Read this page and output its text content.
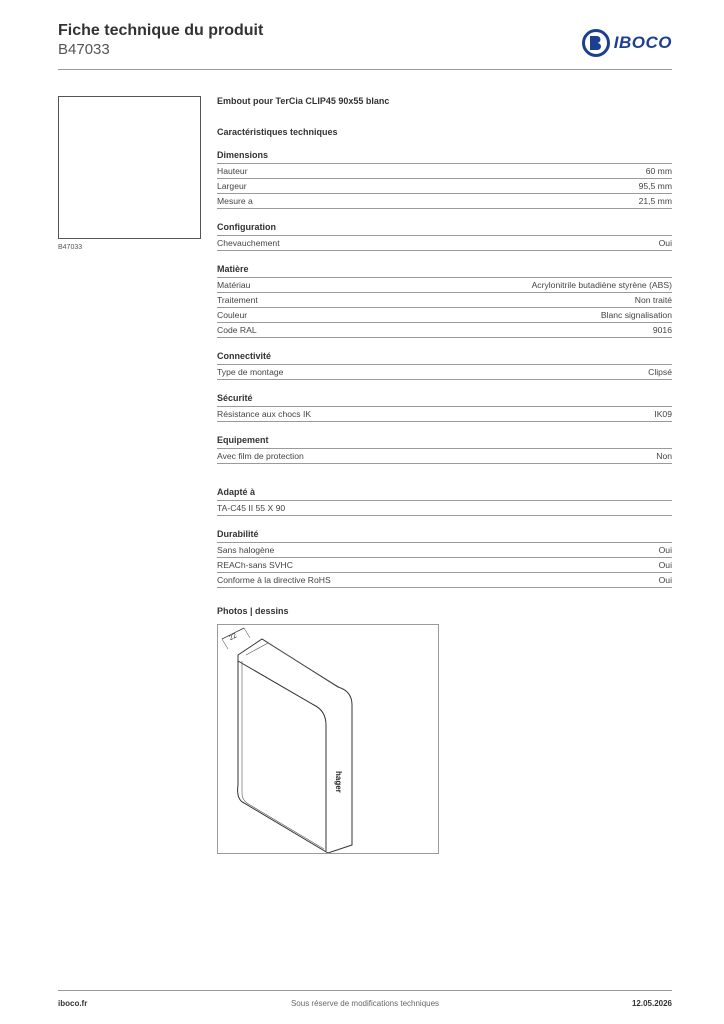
Fiche technique du produit
B47033	IBOCO
B47033
Embout pour TerCia CLIP45 90x55 blanc
Caractéristiques techniques
Dimensions
Hauteur	60 mm
Largeur	95,5 mm
Mesure a	21,5 mm
Configuration
Chevauchement	Oui
Matière
Matériau	Acrylonitrile butadiène styrène (ABS)
Traitement	Non traité
Couleur	Blanc signalisation
Code RAL	9016
Connectivité
Type de montage	Clipsé
Sécurité
Résistance aux chocs IK	IK09
Equipement
Avec film de protection	Non
Adapté à
TA-C45 II 55 X 90
Durabilité
Sans halogène	Oui
REACh-sans SVHC	Oui
Conforme à la directive RoHS	Oui
Photos | dessins
22
hager
iboco.fr	Sous réserve de modifications techniques	12.05.2026
